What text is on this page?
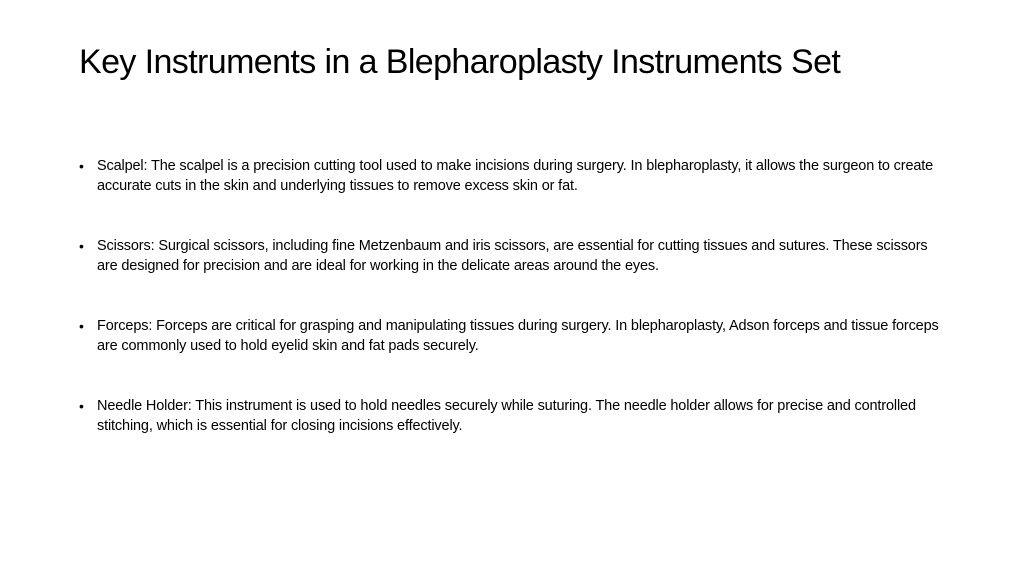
Key Instruments in a Blepharoplasty Instruments Set
• Scalpel: The scalpel is a precision cutting tool used to make incisions during surgery. In blepharoplasty, it allows the surgeon to create accurate cuts in the skin and underlying tissues to remove excess skin or fat.
• Scissors: Surgical scissors, including fine Metzenbaum and iris scissors, are essential for cutting tissues and sutures. These scissors are designed for precision and are ideal for working in the delicate areas around the eyes.
• Forceps: Forceps are critical for grasping and manipulating tissues during surgery. In blepharoplasty, Adson forceps and tissue forceps are commonly used to hold eyelid skin and fat pads securely.
• Needle Holder: This instrument is used to hold needles securely while suturing. The needle holder allows for precise and controlled stitching, which is essential for closing incisions effectively.
